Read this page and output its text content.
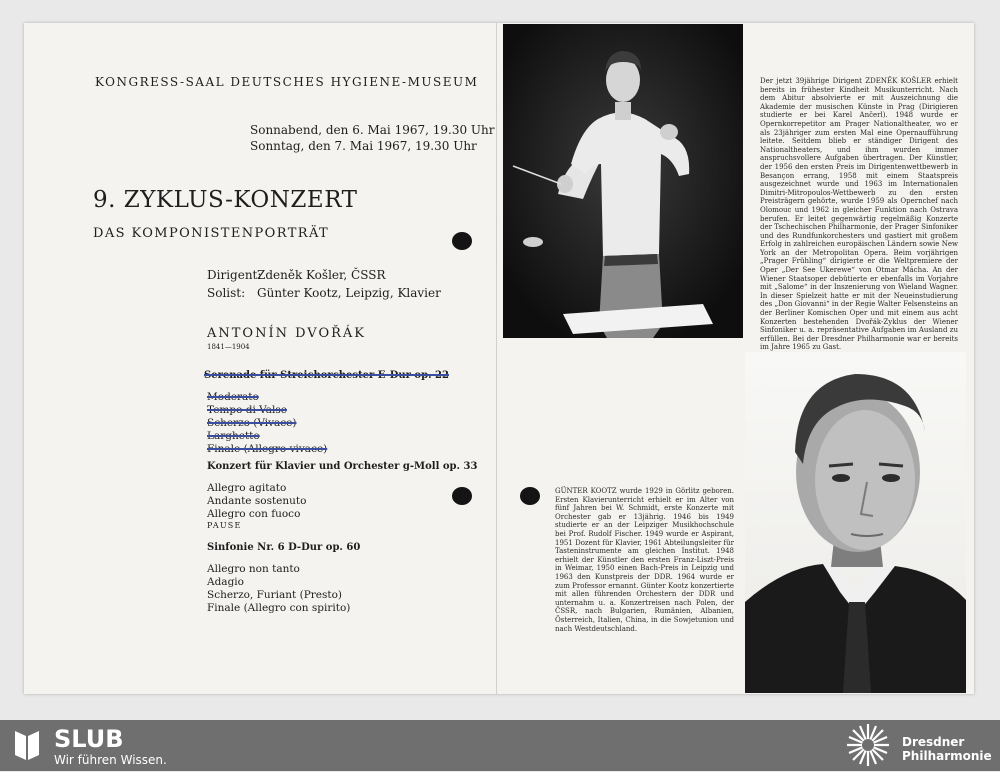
KONGRESS-SAAL DEUTSCHES HYGIENE-MUSEUM
Sonnabend, den 6. Mai 1967, 19.30 Uhr
Sonntag, den 7. Mai 1967, 19.30 Uhr
9. ZYKLUS-KONZERT
DAS KOMPONISTENPORTRÄT
Dirigent:Zdeněk Košler, ČSSR
Solist: Günter Kootz, Leipzig, Klavier
ANTONÍN DVOŘÁK
1841—1904
Serenade für Streichorchester E-Dur op. 22
Moderato
Tempo di Valse
Scherzo (Vivace)
Larghetto
Finale (Allegro vivace)
Konzert für Klavier und Orchester g-Moll op. 33
Allegro agitato
Andante sostenuto
Allegro con fuoco
PAUSE
Sinfonie Nr. 6 D-Dur op. 60
Allegro non tanto
Adagio
Scherzo, Furiant (Presto)
Finale (Allegro con spirito)
Der jetzt 39jährige Dirigent ZDENĚK KOŠLER erhielt bereits in frühester Kindheit Musikunterricht. Nach dem Abitur absolvierte er mit Auszeichnung die Akademie der musischen Künste in Prag (Dirigieren studierte er bei Karel Ančerl). 1948 wurde er Opernkorrepetitor am Prager Nationaltheater, wo er als 23jähriger zum ersten Mal eine Opernaufführung leitete. Seitdem blieb er ständiger Dirigent des Nationaltheaters, und ihm wurden immer anspruchsvollere Aufgaben übertragen. Der Künstler, der 1956 den ersten Preis im Dirigentenwettbewerb in Besançon errang, 1958 mit einem Staatspreis ausgezeichnet wurde und 1963 im Internationalen Dimitri-Mitropoulos-Wettbewerb zu den ersten Preisträgern gehörte, wurde 1959 als Opernchef nach Olomouc und 1962 in gleicher Funktion nach Ostrava berufen. Er leitet gegenwärtig regelmäßig Konzerte der Tschechischen Philharmonie, der Prager Sinfoniker und des Rundfunkorchesters und gastiert mit großem Erfolg in zahlreichen europäischen Ländern sowie New York an der Metropolitan Opera. Beim vorjährigen „Prager Frühling“ dirigierte er die Weltpremiere der Oper „Der See Ukerewe“ von Otmar Mácha. An der Wiener Staatsoper debütierte er ebenfalls im Vorjahre mit „Salome“ in der Inszenierung von Wieland Wagner. In dieser Spielzeit hatte er mit der Neueinstudierung des „Don Giovanni“ in der Regie Walter Felsensteins an der Berliner Komischen Oper und mit einem aus acht Konzerten bestehenden Dvořák-Zyklus der Wiener Sinfoniker u. a. repräsentative Aufgaben im Ausland zu erfüllen. Bei der Dresdner Philharmonie war er bereits im Jahre 1965 zu Gast.
GÜNTER KOOTZ wurde 1929 in Görlitz geboren. Ersten Klavierunterricht erhielt er im Alter von fünf Jahren bei W. Schmidt, erste Konzerte mit Orchester gab er 13jährig. 1946 bis 1949 studierte er an der Leipziger Musikhochschule bei Prof. Rudolf Fischer. 1949 wurde er Aspirant, 1951 Dozent für Klavier, 1961 Abteilungsleiter für Tasteninstrumente am gleichen Institut. 1948 erhielt der Künstler den ersten Franz-Liszt-Preis in Weimar, 1950 einen Bach-Preis in Leipzig und 1963 den Kunstpreis der DDR. 1964 wurde er zum Professor ernannt. Günter Kootz konzertierte mit allen führenden Orchestern der DDR und unternahm u. a. Konzertreisen nach Polen, der ČSSR, nach Bulgarien, Rumänien, Albanien, Österreich, Italien, China, in die Sowjetunion und nach Westdeutschland.
SLUB
Wir führen Wissen.
Dresdner
Philharmonie
